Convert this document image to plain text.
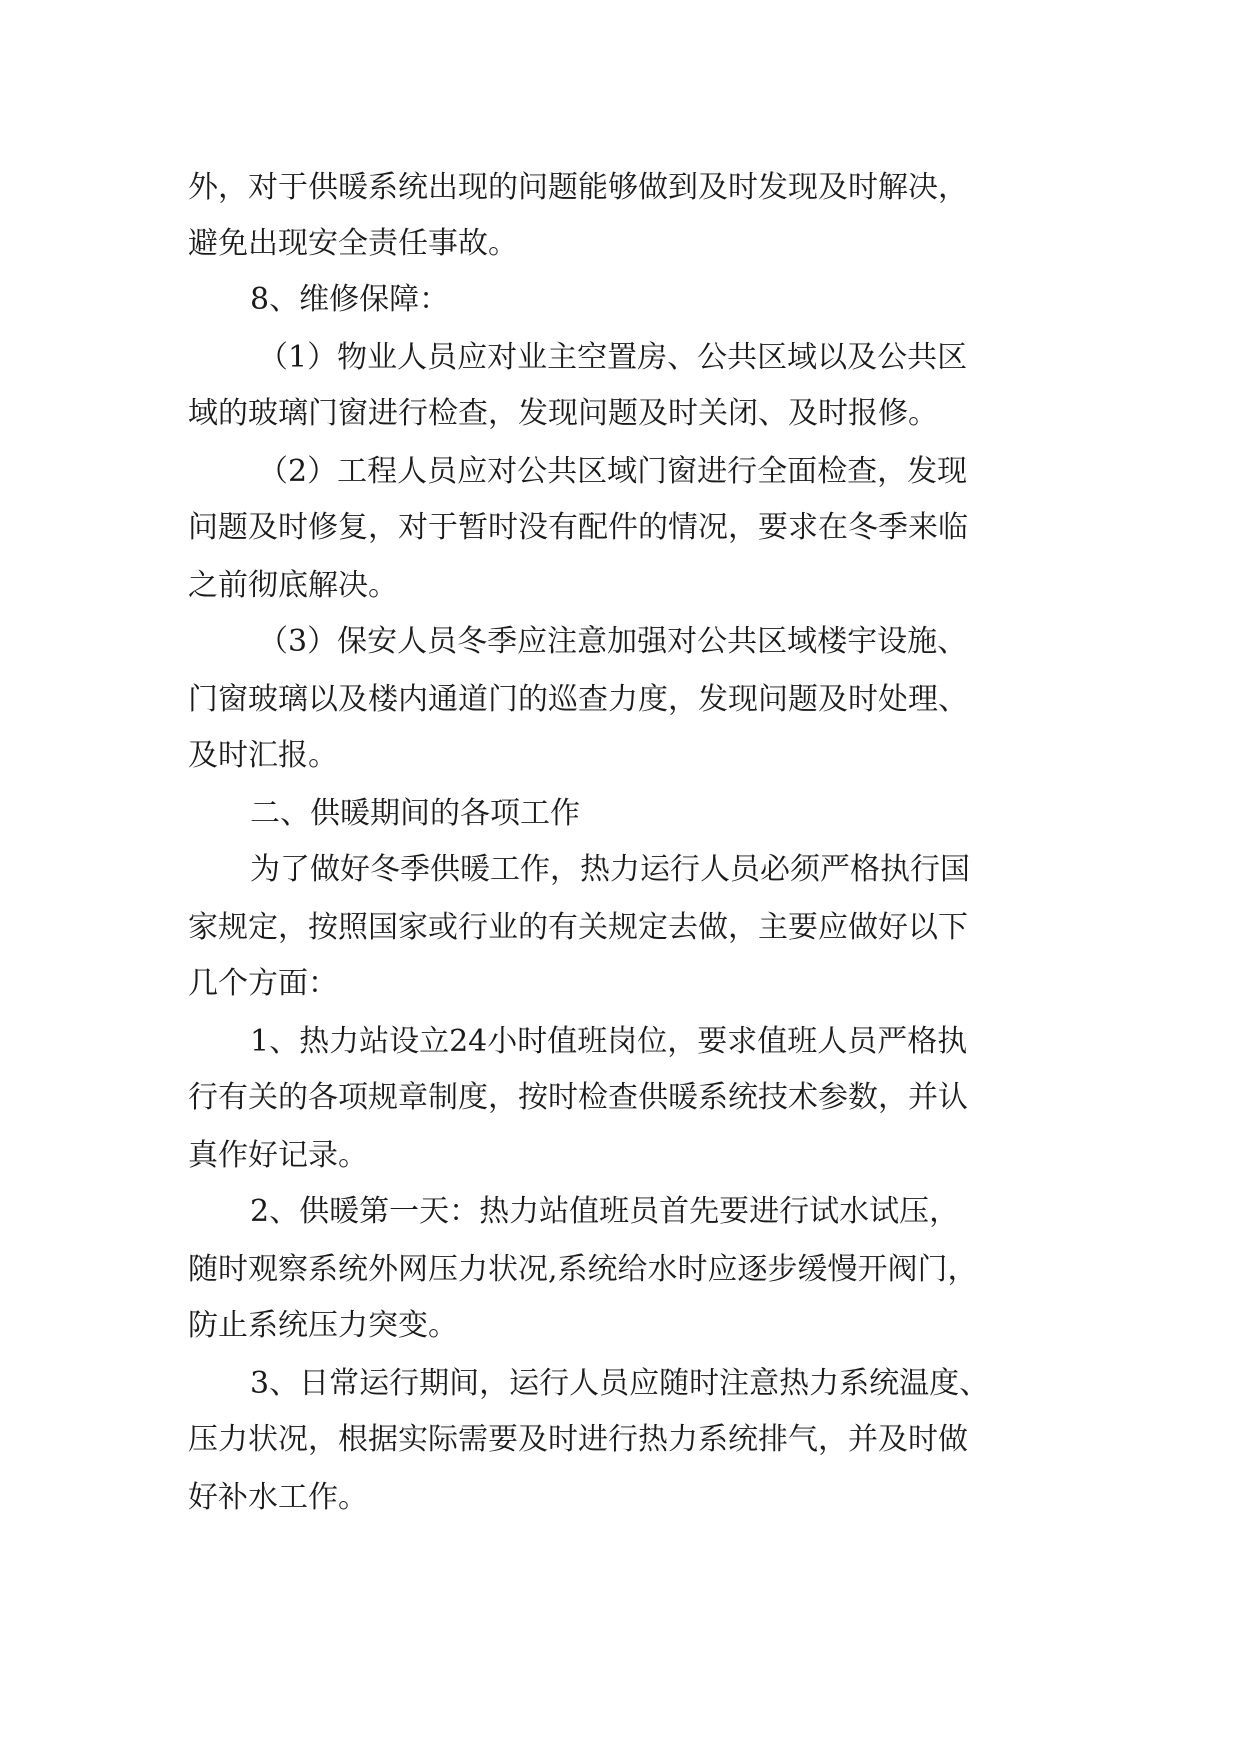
外，对于供暖系统出现的问题能够做到及时发现及时解决，
避免出现安全责任事故。
8、维修保障：
（1）物业人员应对业主空置房、公共区域以及公共区
域的玻璃门窗进行检查，发现问题及时关闭、及时报修。
（2）工程人员应对公共区域门窗进行全面检查，发现
问题及时修复，对于暂时没有配件的情况，要求在冬季来临
之前彻底解决。
（3）保安人员冬季应注意加强对公共区域楼宇设施、
门窗玻璃以及楼内通道门的巡查力度，发现问题及时处理、
及时汇报。
二、供暖期间的各项工作
为了做好冬季供暖工作，热力运行人员必须严格执行国
家规定，按照国家或行业的有关规定去做，主要应做好以下
几个方面：
1、热力站设立24小时值班岗位，要求值班人员严格执
行有关的各项规章制度，按时检查供暖系统技术参数，并认
真作好记录。
2、供暖第一天：热力站值班员首先要进行试水试压，
随时观察系统外网压力状况,系统给水时应逐步缓慢开阀门，
防止系统压力突变。
3、日常运行期间，运行人员应随时注意热力系统温度、
压力状况，根据实际需要及时进行热力系统排气，并及时做
好补水工作。
